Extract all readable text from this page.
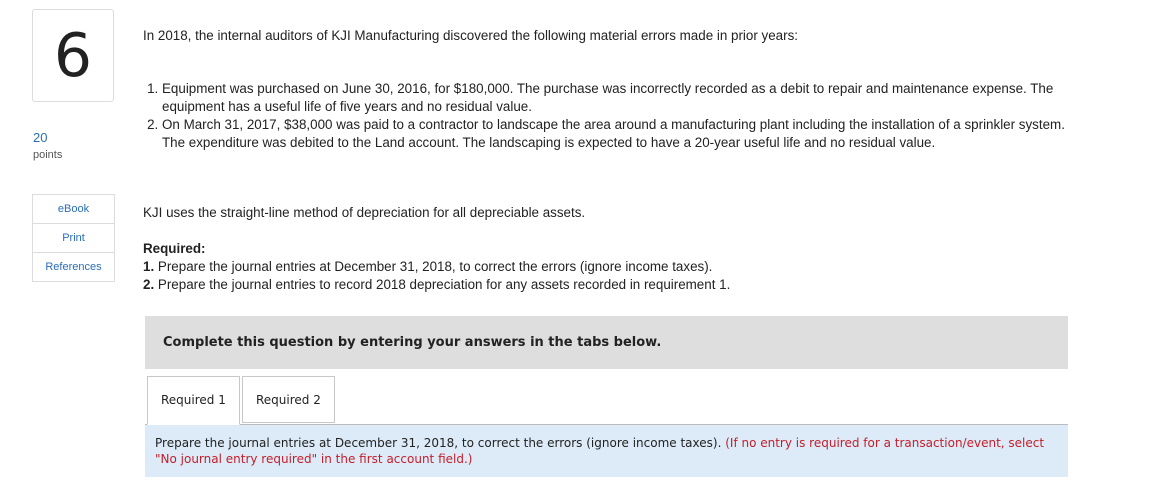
6
20
points
eBook
Print
References
In 2018, the internal auditors of KJI Manufacturing discovered the following material errors made in prior years:
1. Equipment was purchased on June 30, 2016, for $180,000. The purchase was incorrectly recorded as a debit to repair and maintenance expense. The equipment has a useful life of five years and no residual value.
2. On March 31, 2017, $38,000 was paid to a contractor to landscape the area around a manufacturing plant including the installation of a sprinkler system. The expenditure was debited to the Land account. The landscaping is expected to have a 20-year useful life and no residual value.
KJI uses the straight-line method of depreciation for all depreciable assets.
Required:
1. Prepare the journal entries at December 31, 2018, to correct the errors (ignore income taxes).
2. Prepare the journal entries to record 2018 depreciation for any assets recorded in requirement 1.
Complete this question by entering your answers in the tabs below.
Required 1	Required 2
Prepare the journal entries at December 31, 2018, to correct the errors (ignore income taxes). (If no entry is required for a transaction/event, select "No journal entry required" in the first account field.)
